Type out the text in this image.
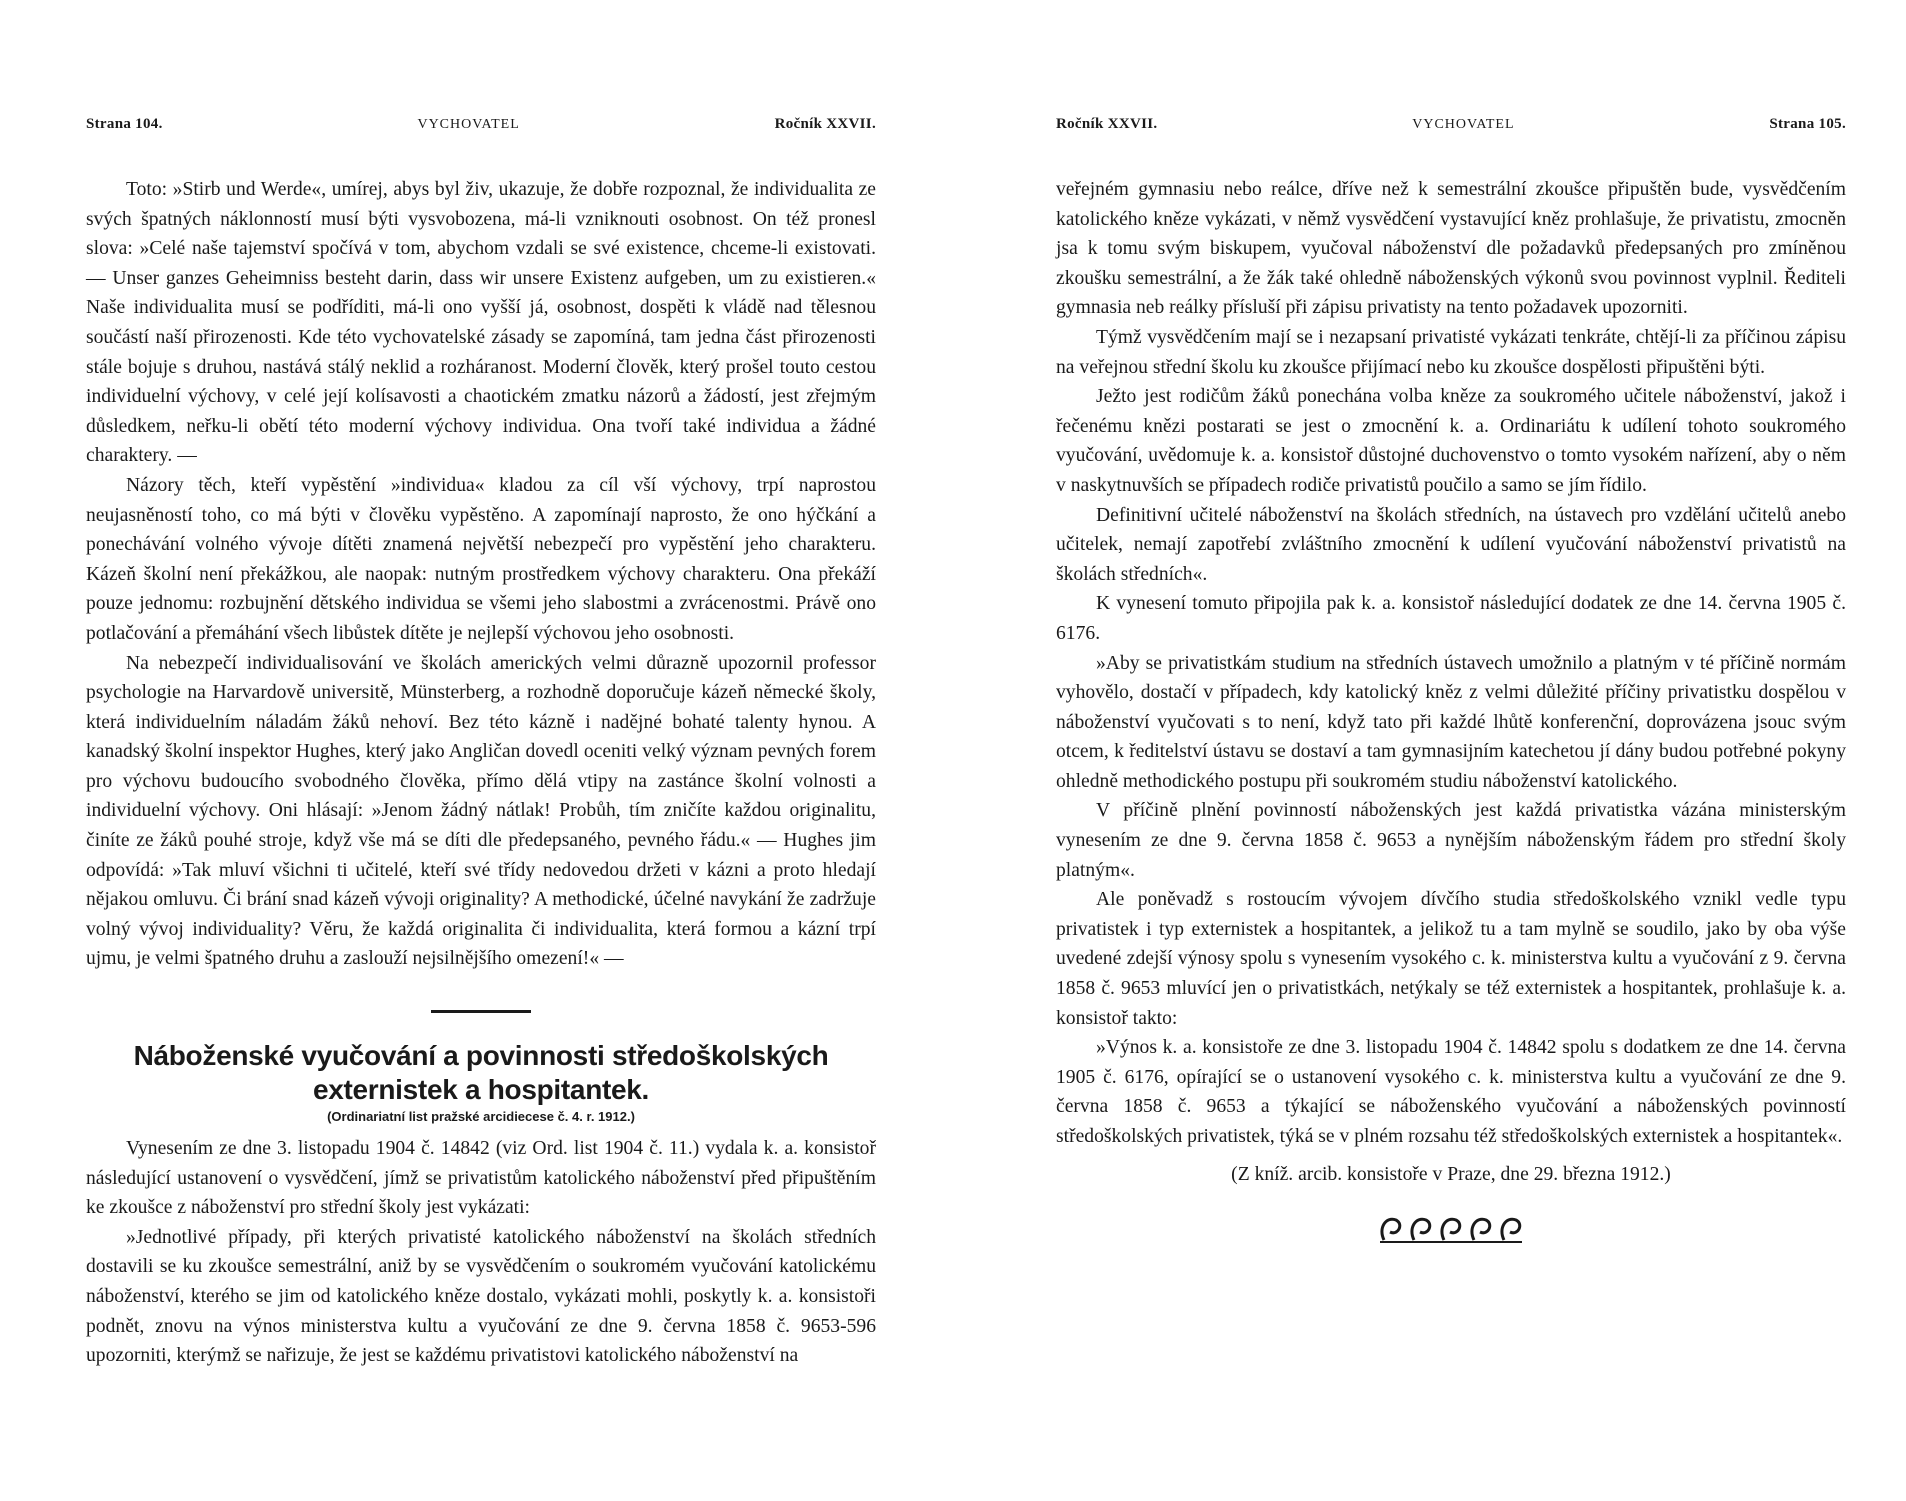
Strana 104.	VYCHOVATEL	Ročník XXVII.

Toto: »Stirb und Werde«, umírej, abys byl živ, ukazuje, že dobře rozpoznal, že individualita ze svých špatných náklonností musí býti vysvobozena, má-li vzniknouti osobnost. On též pronesl slova: »Celé naše tajemství spočívá v tom, abychom vzdali se své existence, chceme-li existovati. — Unser ganzes Geheimniss besteht darin, dass wir unsere Existenz aufgeben, um zu existieren.« Naše individualita musí se podříditi, má-li ono vyšší já, osobnost, dospěti k vládě nad tělesnou součástí naší přirozenosti. Kde této vychovatelské zásady se zapomíná, tam jedna část přirozenosti stále bojuje s druhou, nastává stálý neklid a rozháranost. Moderní člověk, který prošel touto cestou individuelní výchovy, v celé její kolísavosti a chaotickém zmatku názorů a žádostí, jest zřejmým důsledkem, neřku-li obětí této moderní výchovy individua. Ona tvoří také individua a žádné charaktery. —

Názory těch, kteří vypěstění »individua« kladou za cíl vší výchovy, trpí naprostou neujasněností toho, co má býti v člověku vypěstěno. A zapomínají naprosto, že ono hýčkání a ponechávání volného vývoje dítěti znamená největší nebezpečí pro vypěstění jeho charakteru. Kázeň školní není překážkou, ale naopak: nutným prostředkem výchovy charakteru. Ona překáží pouze jednomu: rozbujnění dětského individua se všemi jeho slabostmi a zvrácenostmi. Právě ono potlačování a přemáhání všech libůstek dítěte je nejlepší výchovou jeho osobnosti.

Na nebezpečí individualisování ve školách amerických velmi důrazně upozornil professor psychologie na Harvardově universitě, Münsterberg, a rozhodně doporučuje kázeň německé školy, která individuelním náladám žáků nehoví. Bez této kázně i nadějné bohaté talenty hynou. A kanadský školní inspektor Hughes, který jako Angličan dovedl oceniti velký význam pevných forem pro výchovu budoucího svobodného člověka, přímo dělá vtipy na zastánce školní volnosti a individuelní výchovy. Oni hlásají: »Jenom žádný nátlak! Probůh, tím zničíte každou originalitu, činíte ze žáků pouhé stroje, když vše má se díti dle předepsaného, pevného řádu.« — Hughes jim odpovídá: »Tak mluví všichni ti učitelé, kteří své třídy nedovedou držeti v kázni a proto hledají nějakou omluvu. Či brání snad kázeň vývoji originality? A methodické, účelné navykání že zadržuje volný vývoj individuality? Věru, že každá originalita či individualita, která formou a kázní trpí ujmu, je velmi špatného druhu a zaslouží nejsilnějšího omezení!« —

Náboženské vyučování a povinnosti středoškolských
externistek a hospitantek.
(Ordinariatní list pražské arcidiecese č. 4. r. 1912.)

Vynesením ze dne 3. listopadu 1904 č. 14842 (viz Ord. list 1904 č. 11.) vydala k. a. konsistoř následující ustanovení o vysvědčení, jímž se privatistům katolického náboženství před připuštěním ke zkoušce z náboženství pro střední školy jest vykázati:

»Jednotlivé případy, při kterých privatisté katolického náboženství na školách středních dostavili se ku zkoušce semestrální, aniž by se vysvědčením o soukromém vyučování katolickému náboženství, kterého se jim od katolického kněze dostalo, vykázati mohli, poskytly k. a. konsistoři podnět, znovu na výnos ministerstva kultu a vyučování ze dne 9. června 1858 č. 9653-596 upozorniti, kterýmž se nařizuje, že jest se každému privatistovi katolického náboženství na

Ročník XXVII.	VYCHOVATEL	Strana 105.

veřejném gymnasiu nebo reálce, dříve než k semestrální zkoušce připuštěn bude, vysvědčením katolického kněze vykázati, v němž vysvědčení vystavující kněz prohlašuje, že privatistu, zmocněn jsa k tomu svým biskupem, vyučoval náboženství dle požadavků předepsaných pro zmíněnou zkoušku semestrální, a že žák také ohledně náboženských výkonů svou povinnost vyplnil. Řediteli gymnasia neb reálky přísluší při zápisu privatisty na tento požadavek upozorniti.

Týmž vysvědčením mají se i nezapsaní privatisté vykázati tenkráte, chtějí-li za příčinou zápisu na veřejnou střední školu ku zkoušce přijímací nebo ku zkoušce dospělosti připuštěni býti.

Ježto jest rodičům žáků ponechána volba kněze za soukromého učitele náboženství, jakož i řečenému knězi postarati se jest o zmocnění k. a. Ordinariátu k udílení tohoto soukromého vyučování, uvědomuje k. a. konsistoř důstojné duchovenstvo o tomto vysokém nařízení, aby o něm v naskytnuvších se případech rodiče privatistů poučilo a samo se jím řídilo.

Definitivní učitelé náboženství na školách středních, na ústavech pro vzdělání učitelů anebo učitelek, nemají zapotřebí zvláštního zmocnění k udílení vyučování náboženství privatistů na školách středních«.

K vynesení tomuto připojila pak k. a. konsistoř následující dodatek ze dne 14. června 1905 č. 6176.

»Aby se privatistkám studium na středních ústavech umožnilo a platným v té příčině normám vyhovělo, dostačí v případech, kdy katolický kněz z velmi důležité příčiny privatistku dospělou v náboženství vyučovati s to není, když tato při každé lhůtě konferenční, doprovázena jsouc svým otcem, k ředitelství ústavu se dostaví a tam gymnasijním katechetou jí dány budou potřebné pokyny ohledně methodického postupu při soukromém studiu náboženství katolického.

V příčině plnění povinností náboženských jest každá privatistka vázána ministerským vynesením ze dne 9. června 1858 č. 9653 a nynějším náboženským řádem pro střední školy platným«.

Ale poněvadž s rostoucím vývojem dívčího studia středoškolského vznikl vedle typu privatistek i typ externistek a hospitantek, a jelikož tu a tam mylně se soudilo, jako by oba výše uvedené zdejší výnosy spolu s vynesením vysokého c. k. ministerstva kultu a vyučování z 9. června 1858 č. 9653 mluvící jen o privatistkách, netýkaly se též externistek a hospitantek, prohlašuje k. a. konsistoř takto:

»Výnos k. a. konsistoře ze dne 3. listopadu 1904 č. 14842 spolu s dodatkem ze dne 14. června 1905 č. 6176, opírající se o ustanovení vysokého c. k. ministerstva kultu a vyučování ze dne 9. června 1858 č. 9653 a týkající se náboženského vyučování a náboženských povinností středoškolských privatistek, týká se v plném rozsahu též středoškolských externistek a hospitantek«.

(Z kníž. arcib. konsistoře v Praze, dne 29. března 1912.)
